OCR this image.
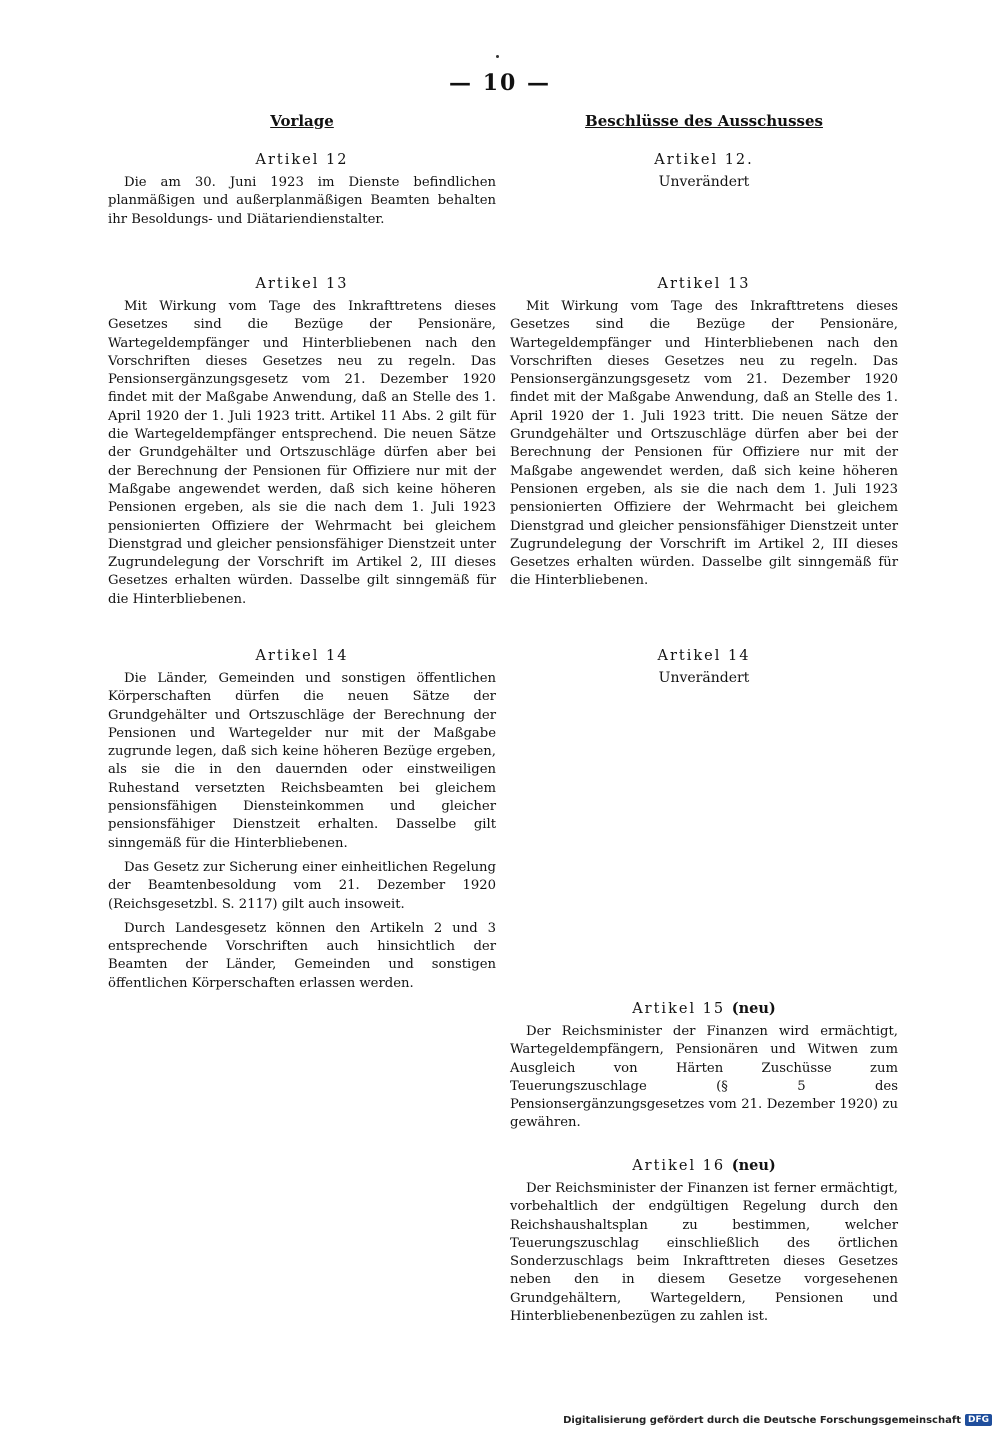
— 10 —
Vorlage
Artikel 12

Die am 30. Juni 1923 im Dienste befindlichen planmäßigen und außerplanmäßigen Beamten behalten ihr Besoldungs- und Diätariendienstalter.

Artikel 13

Mit Wirkung vom Tage des Inkrafttretens dieses Gesetzes sind die Bezüge der Pensionäre, Wartegeldempfänger und Hinterbliebenen nach den Vorschriften dieses Gesetzes neu zu regeln. Das Pensionsergänzungsgesetz vom 21. Dezember 1920 findet mit der Maßgabe Anwendung, daß an Stelle des 1. April 1920 der 1. Juli 1923 tritt. Artikel 11 Abs. 2 gilt für die Wartegeldempfänger entsprechend. Die neuen Sätze der Grundgehälter und Ortszuschläge dürfen aber bei der Berechnung der Pensionen für Offiziere nur mit der Maßgabe angewendet werden, daß sich keine höheren Pensionen ergeben, als sie die nach dem 1. Juli 1923 pensionierten Offiziere der Wehrmacht bei gleichem Dienstgrad und gleicher pensionsfähiger Dienstzeit unter Zugrundelegung der Vorschrift im Artikel 2, III dieses Gesetzes erhalten würden. Dasselbe gilt sinngemäß für die Hinterbliebenen.

Artikel 14

Die Länder, Gemeinden und sonstigen öffentlichen Körperschaften dürfen die neuen Sätze der Grundgehälter und Ortszuschläge der Berechnung der Pensionen und Wartegelder nur mit der Maßgabe zugrunde legen, daß sich keine höheren Bezüge ergeben, als sie die in den dauernden oder einstweiligen Ruhestand versetzten Reichsbeamten bei gleichem pensionsfähigen Diensteinkommen und gleicher pensionsfähiger Dienstzeit erhalten. Dasselbe gilt sinngemäß für die Hinterbliebenen.

Das Gesetz zur Sicherung einer einheitlichen Regelung der Beamtenbesoldung vom 21. Dezember 1920 (Reichsgesetzbl. S. 2117) gilt auch insoweit.

Durch Landesgesetz können den Artikeln 2 und 3 entsprechende Vorschriften auch hinsichtlich der Beamten der Länder, Gemeinden und sonstigen öffentlichen Körperschaften erlassen werden.

Beschlüsse des Ausschusses
Artikel 12.

Unverändert

Artikel 13

Mit Wirkung vom Tage des Inkrafttretens dieses Gesetzes sind die Bezüge der Pensionäre, Wartegeldempfänger und Hinterbliebenen nach den Vorschriften dieses Gesetzes neu zu regeln. Das Pensionsergänzungsgesetz vom 21. Dezember 1920 findet mit der Maßgabe Anwendung, daß an Stelle des 1. April 1920 der 1. Juli 1923 tritt. Die neuen Sätze der Grundgehälter und Ortszuschläge dürfen aber bei der Berechnung der Pensionen für Offiziere nur mit der Maßgabe angewendet werden, daß sich keine höheren Pensionen ergeben, als sie die nach dem 1. Juli 1923 pensionierten Offiziere der Wehrmacht bei gleichem Dienstgrad und gleicher pensionsfähiger Dienstzeit unter Zugrundelegung der Vorschrift im Artikel 2, III dieses Gesetzes erhalten würden. Dasselbe gilt sinngemäß für die Hinterbliebenen.

Artikel 14

Unverändert

Artikel 15 (neu)

Der Reichsminister der Finanzen wird ermächtigt, Wartegeldempfängern, Pensionären und Witwen zum Ausgleich von Härten Zuschüsse zum Teuerungszuschlage (§ 5 des Pensionsergänzungsgesetzes vom 21. Dezember 1920) zu gewähren.

Artikel 16 (neu)

Der Reichsminister der Finanzen ist ferner ermächtigt, vorbehaltlich der endgültigen Regelung durch den Reichshaushaltsplan zu bestimmen, welcher Teuerungszuschlag einschließlich des örtlichen Sonderzuschlags beim Inkrafttreten dieses Gesetzes neben den in diesem Gesetze vorgesehenen Grundgehältern, Wartegeldern, Pensionen und Hinterbliebenenbezügen zu zahlen ist.

Digitalisierung gefördert durch die Deutsche Forschungsgemeinschaft DFG
